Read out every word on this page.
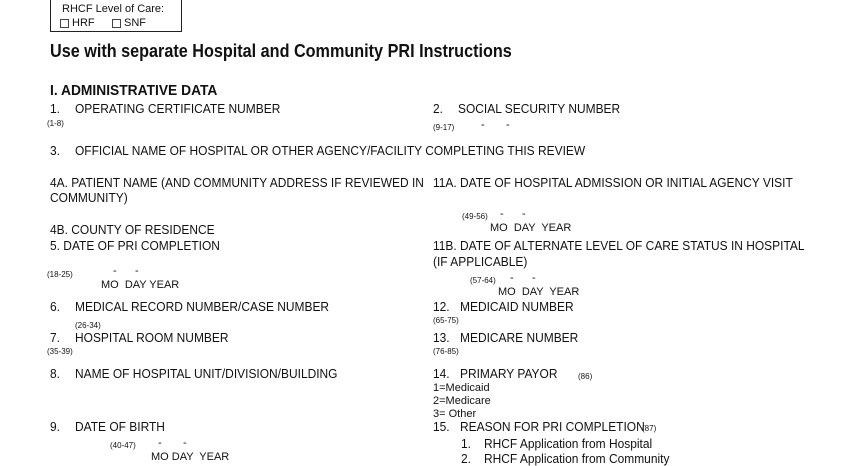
RHCF Level of Care:
HRF	SNF
Use with separate Hospital and Community PRI Instructions
I. ADMINISTRATIVE DATA
1. OPERATING CERTIFICATE NUMBER
(1-8)
2. SOCIAL SECURITY NUMBER
(9-17) -       -
3. OFFICIAL NAME OF HOSPITAL OR OTHER AGENCY/FACILITY COMPLETING THIS REVIEW
4A. PATIENT NAME (AND COMMUNITY ADDRESS IF REVIEWED IN
COMMUNITY)
11A. DATE OF HOSPITAL ADMISSION OR INITIAL AGENCY VISIT
(49-56) -      -
MO  DAY  YEAR
4B. COUNTY OF RESIDENCE
5. DATE OF PRI COMPLETION
(18-25)	-      -
MO  DAY YEAR
11B. DATE OF ALTERNATE LEVEL OF CARE STATUS IN HOSPITAL
(IF APPLICABLE)
(57-64) -      -
MO  DAY  YEAR
6. MEDICAL RECORD NUMBER/CASE NUMBER
(26-34)
12. MEDICAID NUMBER
(65-75)
7. HOSPITAL ROOM NUMBER
(35-39)
13. MEDICARE NUMBER
(76-85)
8. NAME OF HOSPITAL UNIT/DIVISION/BUILDING	14. PRIMARY PAYOR	(86)
1=Medicaid
2=Medicare
3= Other
9. DATE OF BIRTH
(40-47) -       -
MO DAY  YEAR
15. REASON FOR PRI COMPLETION
(87)
1. RHCF Application from Hospital
2. RHCF Application from Community
